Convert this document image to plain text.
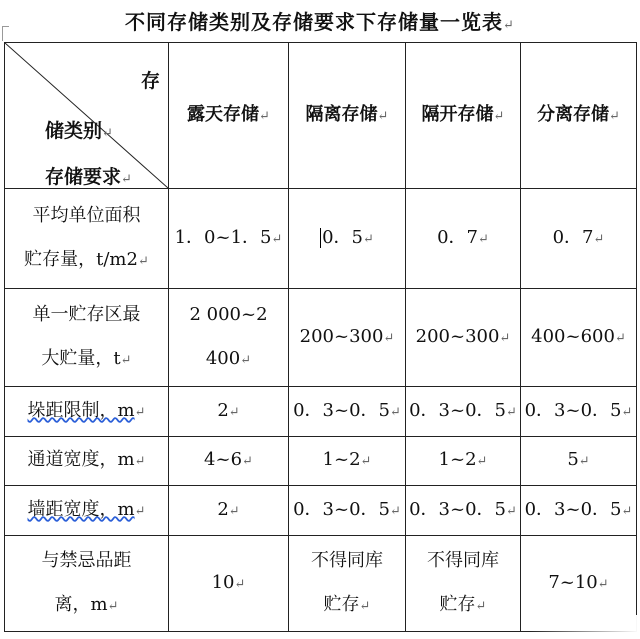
不同存储类别及存储要求下存储量一览表↵
存
储类别↵
存储要求↵	露天存储↵	隔离存储↵	隔开存储↵	分离存储↵

平均单位面积
贮存量，t/m2↵	1．0~1．5↵	0．5↵	0．7↵	0．7↵

单一贮存区最
大贮量，t↵	2 000~2
400↵	200~300↵	200~300↵	400~600↵
垛距限制，m↵	2↵	0．3~0．5↵	0．3~0．5↵	0．3~0．5↵
通道宽度，m↵	4~6↵	1~2↵	1~2↵	5↵
墙距宽度，m↵	2↵	0．3~0．5↵	0．3~0．5↵	0．3~0．5↵

与禁忌品距
离，m↵	10↵	不得同库
贮存↵	不得同库
贮存↵	7~10↵
